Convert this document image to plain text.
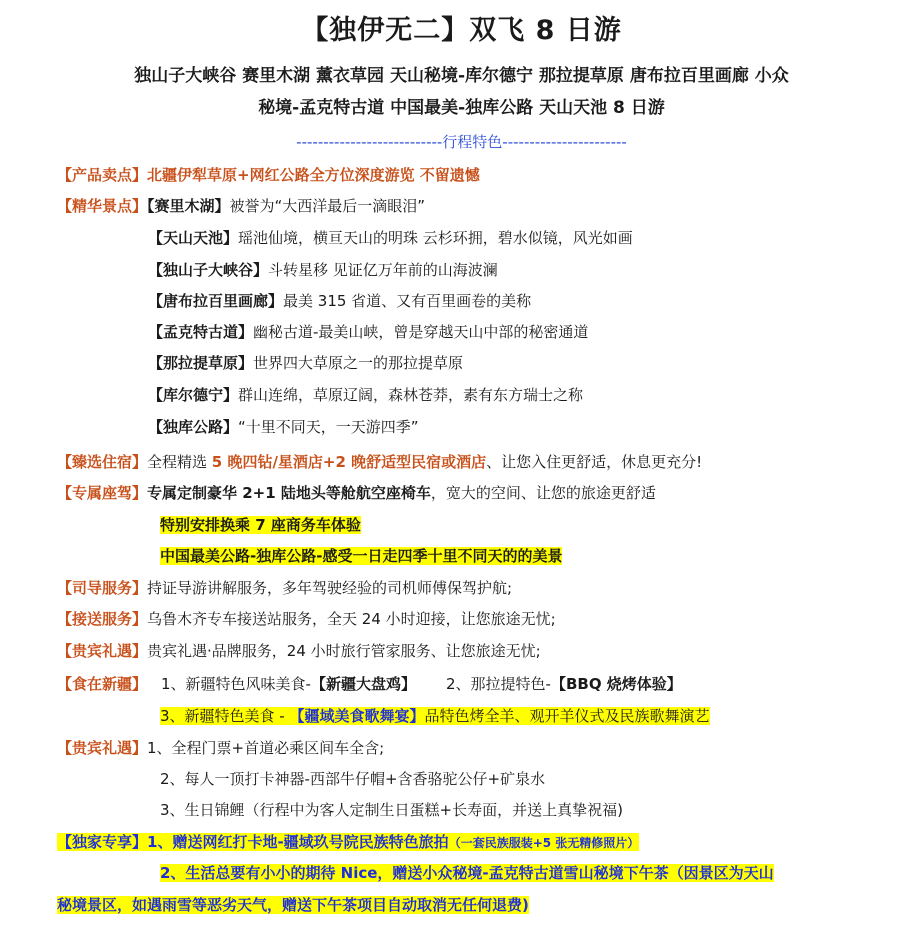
【独伊无二】双飞 8 日游
独山子大峡谷 赛里木湖 薰衣草园 天山秘境-库尔德宁 那拉提草原 唐布拉百里画廊 小众
秘境-孟克特古道 中国最美-独库公路 天山天池 8 日游
---------------------------行程特色-----------------------
【产品卖点】北疆伊犁草原+网红公路全方位深度游览 不留遗憾
【精华景点】【赛里木湖】被誉为“大西洋最后一滴眼泪”
【天山天池】瑶池仙境，横亘天山的明珠 云杉环拥，碧水似镜，风光如画
【独山子大峡谷】斗转星移 见证亿万年前的山海波澜
【唐布拉百里画廊】最美 315 省道、又有百里画卷的美称
【孟克特古道】幽秘古道-最美山峡，曾是穿越天山中部的秘密通道
【那拉提草原】世界四大草原之一的那拉提草原
【库尔德宁】群山连绵，草原辽阔，森林苍莽，素有东方瑞士之称
【独库公路】“十里不同天，一天游四季”
【臻选住宿】全程精选 5 晚四钻/星酒店+2 晚舒适型民宿或酒店、让您入住更舒适，休息更充分!
【专属座驾】专属定制豪华 2+1 陆地头等舱航空座椅车，宽大的空间、让您的旅途更舒适
特别安排换乘 7 座商务车体验
中国最美公路-独库公路-感受一日走四季十里不同天的的美景
【司导服务】持证导游讲解服务，多年驾驶经验的司机师傅保驾护航;
【接送服务】乌鲁木齐专车接送站服务，全天 24 小时迎接，让您旅途无忧;
【贵宾礼遇】贵宾礼遇·品牌服务，24 小时旅行管家服务、让您旅途无忧;
【食在新疆】 1、新疆特色风味美食-【新疆大盘鸡】 2、那拉提特色-【BBQ 烧烤体验】
3、新疆特色美食 - 【疆域美食歌舞宴】品特色烤全羊、观开羊仪式及民族歌舞演艺
【贵宾礼遇】1、全程门票+首道必乘区间车全含;
2、每人一顶打卡神器-西部牛仔帽+含香骆驼公仔+矿泉水
3、生日锦鲤（行程中为客人定制生日蛋糕+长寿面，并送上真挚祝福)
【独家专享】1、赠送网红打卡地-疆域玖号院民族特色旅拍（一套民族服装+5 张无精修照片）
2、生活总要有小小的期待 Nice，赠送小众秘境-孟克特古道雪山秘境下午茶（因景区为天山
秘境景区，如遇雨雪等恶劣天气，赠送下午茶项目自动取消无任何退费)
